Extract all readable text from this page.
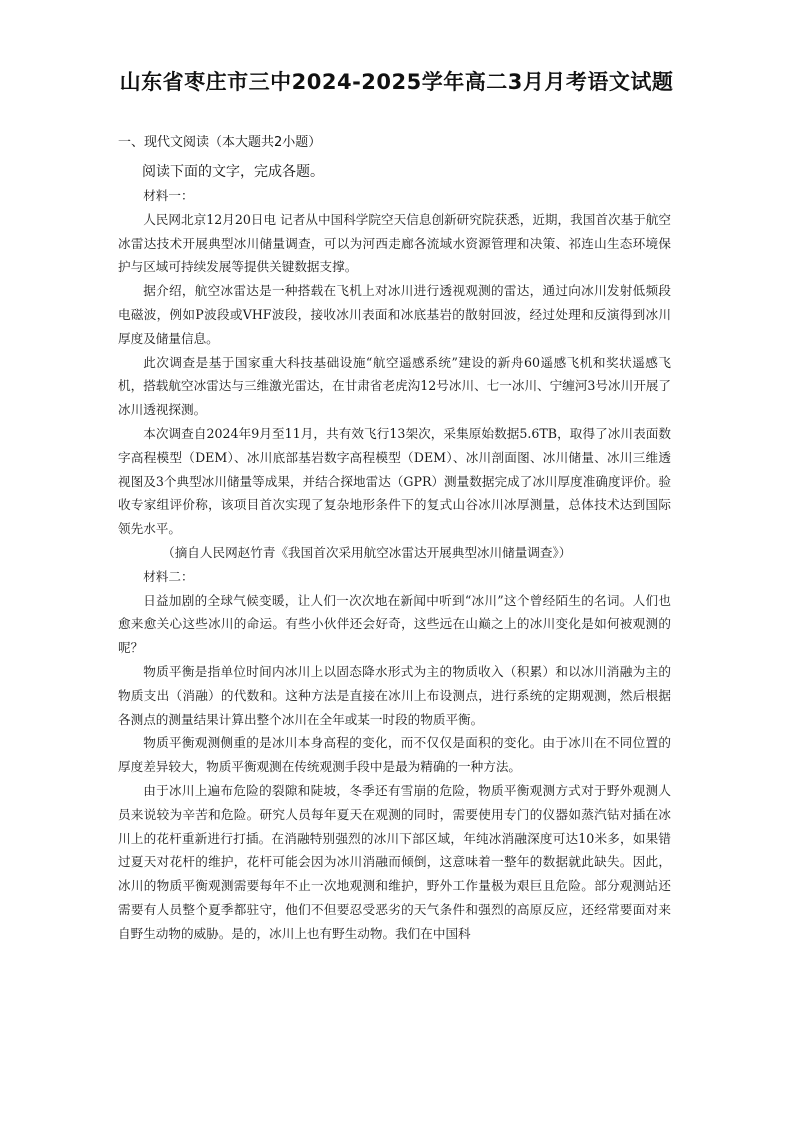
山东省枣庄市三中2024-2025学年高二3月月考语文试题
一、现代文阅读（本大题共2小题）
阅读下面的文字，完成各题。
材料一：
人民网北京12月20日电 记者从中国科学院空天信息创新研究院获悉，近期，我国首次基于航空冰雷达技术开展典型冰川储量调查，可以为河西走廊各流域水资源管理和决策、祁连山生态环境保护与区域可持续发展等提供关键数据支撑。
据介绍，航空冰雷达是一种搭载在飞机上对冰川进行透视观测的雷达，通过向冰川发射低频段电磁波，例如P波段或VHF波段，接收冰川表面和冰底基岩的散射回波，经过处理和反演得到冰川厚度及储量信息。
此次调查是基于国家重大科技基础设施“航空遥感系统”建设的新舟60遥感飞机和奖状遥感飞机，搭载航空冰雷达与三维激光雷达，在甘肃省老虎沟12号冰川、七一冰川、宁缠河3号冰川开展了冰川透视探测。
本次调查自2024年9月至11月，共有效飞行13架次，采集原始数据5.6TB，取得了冰川表面数字高程模型（DEM）、冰川底部基岩数字高程模型（DEM）、冰川剖面图、冰川储量、冰川三维透视图及3个典型冰川储量等成果，并结合探地雷达（GPR）测量数据完成了冰川厚度准确度评价。验收专家组评价称，该项目首次实现了复杂地形条件下的复式山谷冰川冰厚测量，总体技术达到国际领先水平。
（摘自人民网赵竹青《我国首次采用航空冰雷达开展典型冰川储量调查》）
材料二：
日益加剧的全球气候变暖，让人们一次次地在新闻中听到“冰川”这个曾经陌生的名词。人们也愈来愈关心这些冰川的命运。有些小伙伴还会好奇，这些远在山巅之上的冰川变化是如何被观测的呢？
物质平衡是指单位时间内冰川上以固态降水形式为主的物质收入（积累）和以冰川消融为主的物质支出（消融）的代数和。这种方法是直接在冰川上布设测点，进行系统的定期观测，然后根据各测点的测量结果计算出整个冰川在全年或某一时段的物质平衡。
物质平衡观测侧重的是冰川本身高程的变化，而不仅仅是面积的变化。由于冰川在不同位置的厚度差异较大，物质平衡观测在传统观测手段中是最为精确的一种方法。
由于冰川上遍布危险的裂隙和陡坡，冬季还有雪崩的危险，物质平衡观测方式对于野外观测人员来说较为辛苦和危险。研究人员每年夏天在观测的同时，需要使用专门的仪器如蒸汽钻对插在冰川上的花杆重新进行打插。在消融特别强烈的冰川下部区域，年纯冰消融深度可达10米多，如果错过夏天对花杆的维护，花杆可能会因为冰川消融而倾倒，这意味着一整年的数据就此缺失。因此，冰川的物质平衡观测需要每年不止一次地观测和维护，野外工作量极为艰巨且危险。部分观测站还需要有人员整个夏季都驻守，他们不但要忍受恶劣的天气条件和强烈的高原反应，还经常要面对来自野生动物的威胁。是的，冰川上也有野生动物。我们在中国科
